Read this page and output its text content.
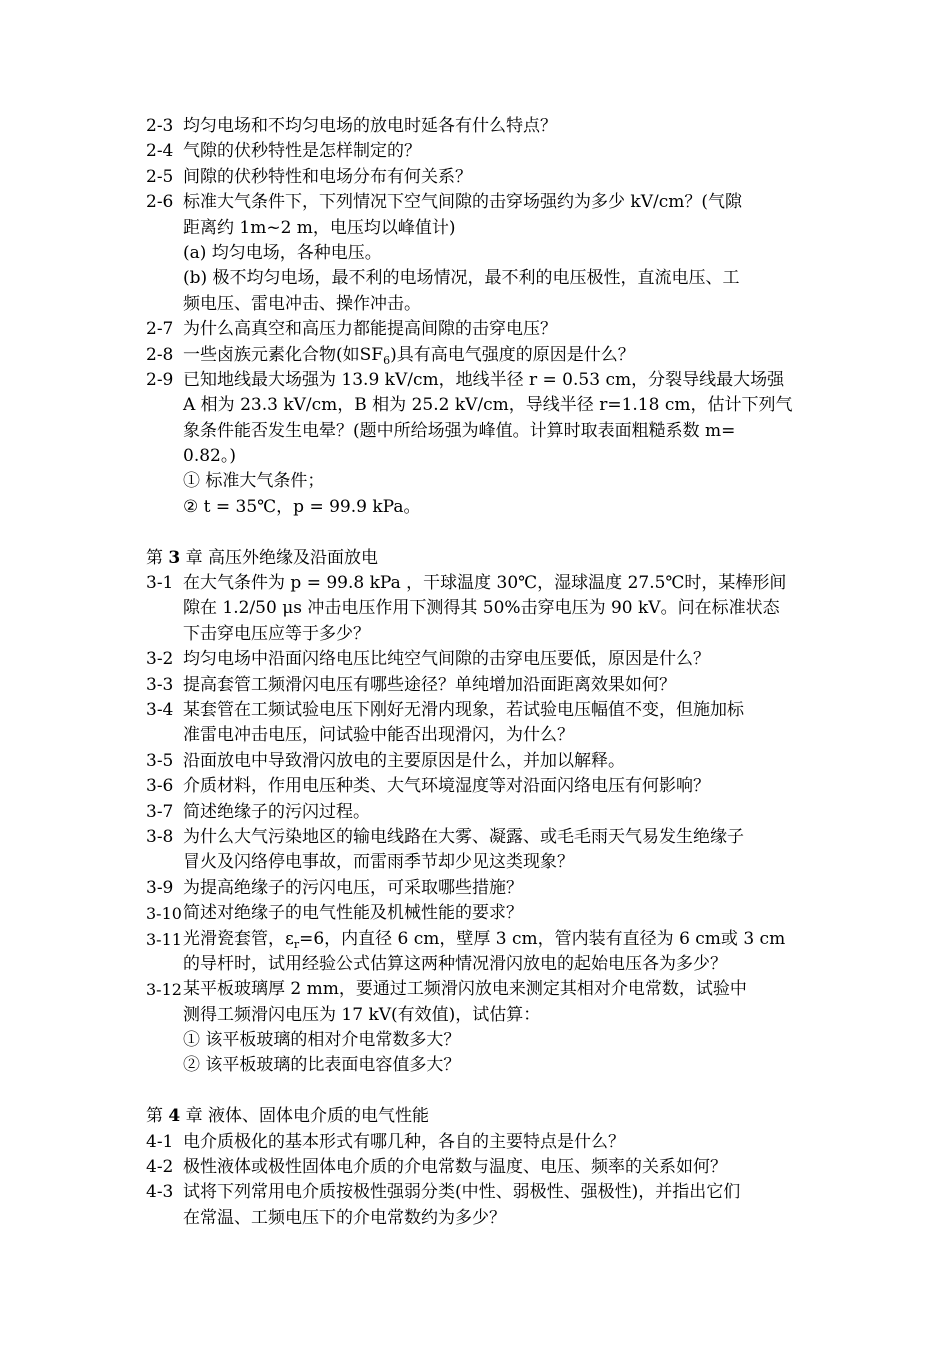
2-3 均匀电场和不均匀电场的放电时延各有什么特点？
2-4 气隙的伏秒特性是怎样制定的？
2-5 间隙的伏秒特性和电场分布有何关系？
2-6 标准大气条件下，下列情况下空气间隙的击穿场强约为多少 kV/cm？(气隙
距离约 1m~2 m，电压均以峰值计)
(a) 均匀电场，各种电压。
(b) 极不均匀电场，最不利的电场情况，最不利的电压极性，直流电压、工
频电压、雷电冲击、操作冲击。
2-7 为什么高真空和高压力都能提高间隙的击穿电压？
2-8 一些卤族元素化合物(如$SF_6$)具有高电气强度的原因是什么？
2-9 已知地线最大场强为 13.9 kV/cm，地线半径 r = 0.53 cm，分裂导线最大场强
A 相为 23.3 kV/cm，B 相为 25.2 kV/cm，导线半径 r=1.18 cm，估计下列气
象条件能否发生电晕？(题中所给场强为峰值。计算时取表面粗糙系数 m=
0.82。)
① 标准大气条件；
② t = 35℃，p = 99.9 kPa。
第 3 章 高压外绝缘及沿面放电
3-1 在大气条件为 p = 99.8 kPa ，干球温度 30℃，湿球温度 27.5℃时，某棒形间
隙在 1.2/50 μs 冲击电压作用下测得其 50%击穿电压为 90 kV。问在标准状态
下击穿电压应等于多少？
3-2 均匀电场中沿面闪络电压比纯空气间隙的击穿电压要低，原因是什么？
3-3 提高套管工频滑闪电压有哪些途径？单纯增加沿面距离效果如何？
3-4 某套管在工频试验电压下刚好无滑内现象，若试验电压幅值不变，但施加标
准雷电冲击电压，问试验中能否出现滑闪，为什么？
3-5 沿面放电中导致滑闪放电的主要原因是什么，并加以解释。
3-6 介质材料，作用电压种类、大气环境湿度等对沿面闪络电压有何影响？
3-7 简述绝缘子的污闪过程。
3-8 为什么大气污染地区的输电线路在大雾、凝露、或毛毛雨天气易发生绝缘子
冒火及闪络停电事故，而雷雨季节却少见这类现象？
3-9 为提高绝缘子的污闪电压，可采取哪些措施？
3-10 简述对绝缘子的电气性能及机械性能的要求？
3-11 光滑瓷套管，$\varepsilon_r=6$，内直径 6 cm，壁厚 3 cm，管内装有直径为 6 cm或 3 cm
的导杆时，试用经验公式估算这两种情况滑闪放电的起始电压各为多少？
3-12 某平板玻璃厚 2 mm，要通过工频滑闪放电来测定其相对介电常数，试验中
测得工频滑闪电压为 17 kV(有效值)，试估算：
① 该平板玻璃的相对介电常数多大？
② 该平板玻璃的比表面电容值多大？
第 4 章 液体、固体电介质的电气性能
4-1 电介质极化的基本形式有哪几种，各自的主要特点是什么？
4-2 极性液体或极性固体电介质的介电常数与温度、电压、频率的关系如何？
4-3 试将下列常用电介质按极性强弱分类(中性、弱极性、强极性)，并指出它们
在常温、工频电压下的介电常数约为多少？
